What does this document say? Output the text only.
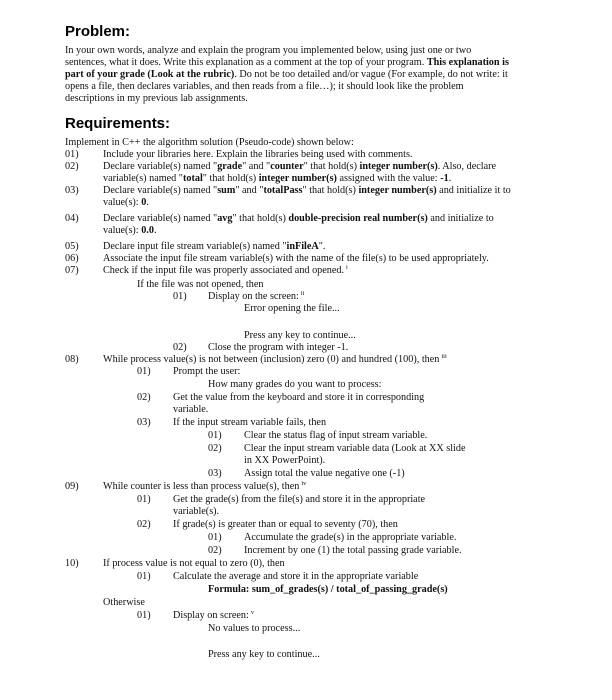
Problem:
In your own words, analyze and explain the program you implemented below, using just one or two
sentences, what it does. Write this explanation as a comment at the top of your program. This explanation is
part of your grade (Look at the rubric). Do not be too detailed and/or vague (For example, do not write: it
opens a file, then declares variables, and then reads from a file…); it should look like the problem
descriptions in my previous lab assignments.
Requirements:
Implement in C++ the algorithm solution (Pseudo-code) shown below:
01) Include your libraries here. Explain the libraries being used with comments.
02) Declare variable(s) named "grade" and "counter" that hold(s) integer number(s). Also, declare
variable(s) named "total" that hold(s) integer number(s) assigned with the value: -1.
03) Declare variable(s) named "sum" and "totalPass" that hold(s) integer number(s) and initialize it to
value(s): 0.
04) Declare variable(s) named "avg" that hold(s) double-precision real number(s) and initialize to
value(s): 0.0.
05) Declare input file stream variable(s) named "inFileA".
06) Associate the input file stream variable(s) with the name of the file(s) to be used appropriately.
07) Check if the input file was properly associated and opened. $^i$
If the file was not opened, then
01) Display on the screen: $^{ii}$
Error opening the file...
Press any key to continue...
02) Close the program with integer -1.
08) While process value(s) is not between (inclusion) zero (0) and hundred (100), then $^{iii}$
01) Prompt the user:
How many grades do you want to process:
02) Get the value from the keyboard and store it in corresponding
variable.
03) If the input stream variable fails, then
01) Clear the status flag of input stream variable.
02) Clear the input stream variable data (Look at XX slide
in XX PowerPoint).
03) Assign total the value negative one (-1)
09) While counter is less than process value(s), then $^{iv}$
01) Get the grade(s) from the file(s) and store it in the appropriate
variable(s).
02) If grade(s) is greater than or equal to seventy (70), then
01) Accumulate the grade(s) in the appropriate variable.
02) Increment by one (1) the total passing grade variable.
10) If process value is not equal to zero (0), then
01) Calculate the average and store it in the appropriate variable
Formula: sum_of_grades(s) / total_of_passing_grade(s)
Otherwise
01) Display on screen: $^v$
No values to process...
Press any key to continue...
